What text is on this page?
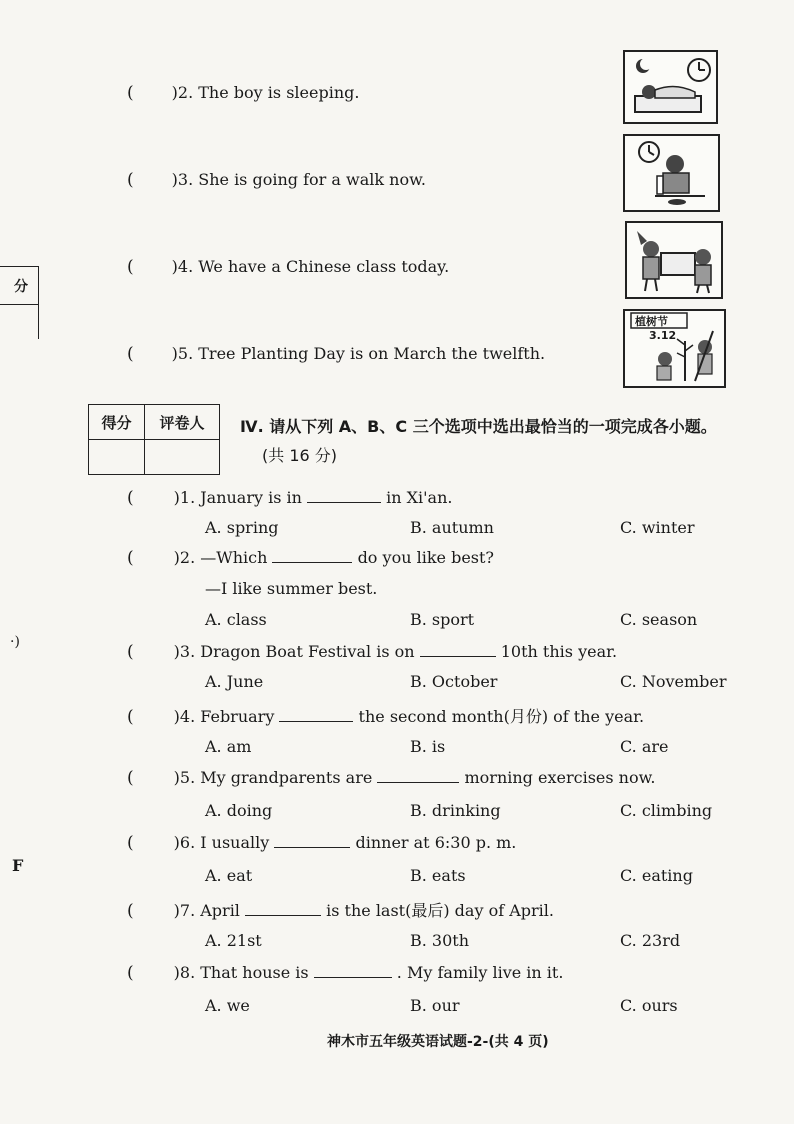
分
·)
F
( )2. The boy is sleeping.
( )3. She is going for a walk now.
( )4. We have a Chinese class today.
( )5. Tree Planting Day is on March the twelfth.
植树节
3.12
得分	评卷人
	Ⅳ. 请从下列 A、B、C 三个选项中选出最恰当的一项完成各小题。
(共 16 分)
(	)1. January is in	in Xi'an.
A. spring	B. autumn	C. winter
(	)2. —Which	do you like best?
—I like summer best.
A. class	B. sport	C. season
(	)3. Dragon Boat Festival is on	10th this year.
A. June	B. October	C. November
(	)4. February	the second month(月份) of the year.
A. am	B. is	C. are
(	)5. My grandparents are	morning exercises now.
A. doing	B. drinking	C. climbing
(	)6. I usually	dinner at 6:30 p. m.
A. eat	B. eats	C. eating
(	)7. April	is the last(最后) day of April.
A. 21st	B. 30th	C. 23rd
(	)8. That house is	. My family live in it.
A. we	B. our	C. ours
神木市五年级英语试题-2-(共 4 页)
